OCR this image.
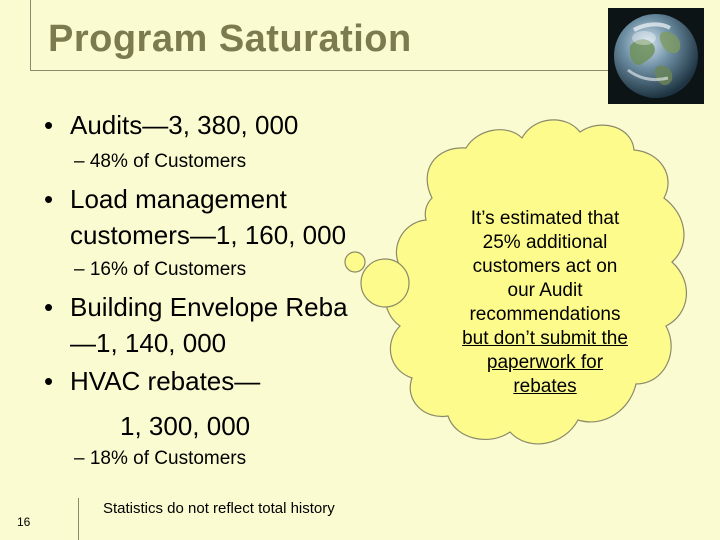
Program Saturation
• Audits—3, 380, 000
– 48% of Customers
• Load management
customers—1, 160, 000
– 16% of Customers
• Building Envelope Reba
—1, 140, 000
• HVAC rebates—
1, 300, 000
– 18% of Customers
It’s estimated that
25% additional
customers act on
our Audit
recommendations
but don’t submit the
paperwork for
rebates
16
Statistics do not reflect total history
